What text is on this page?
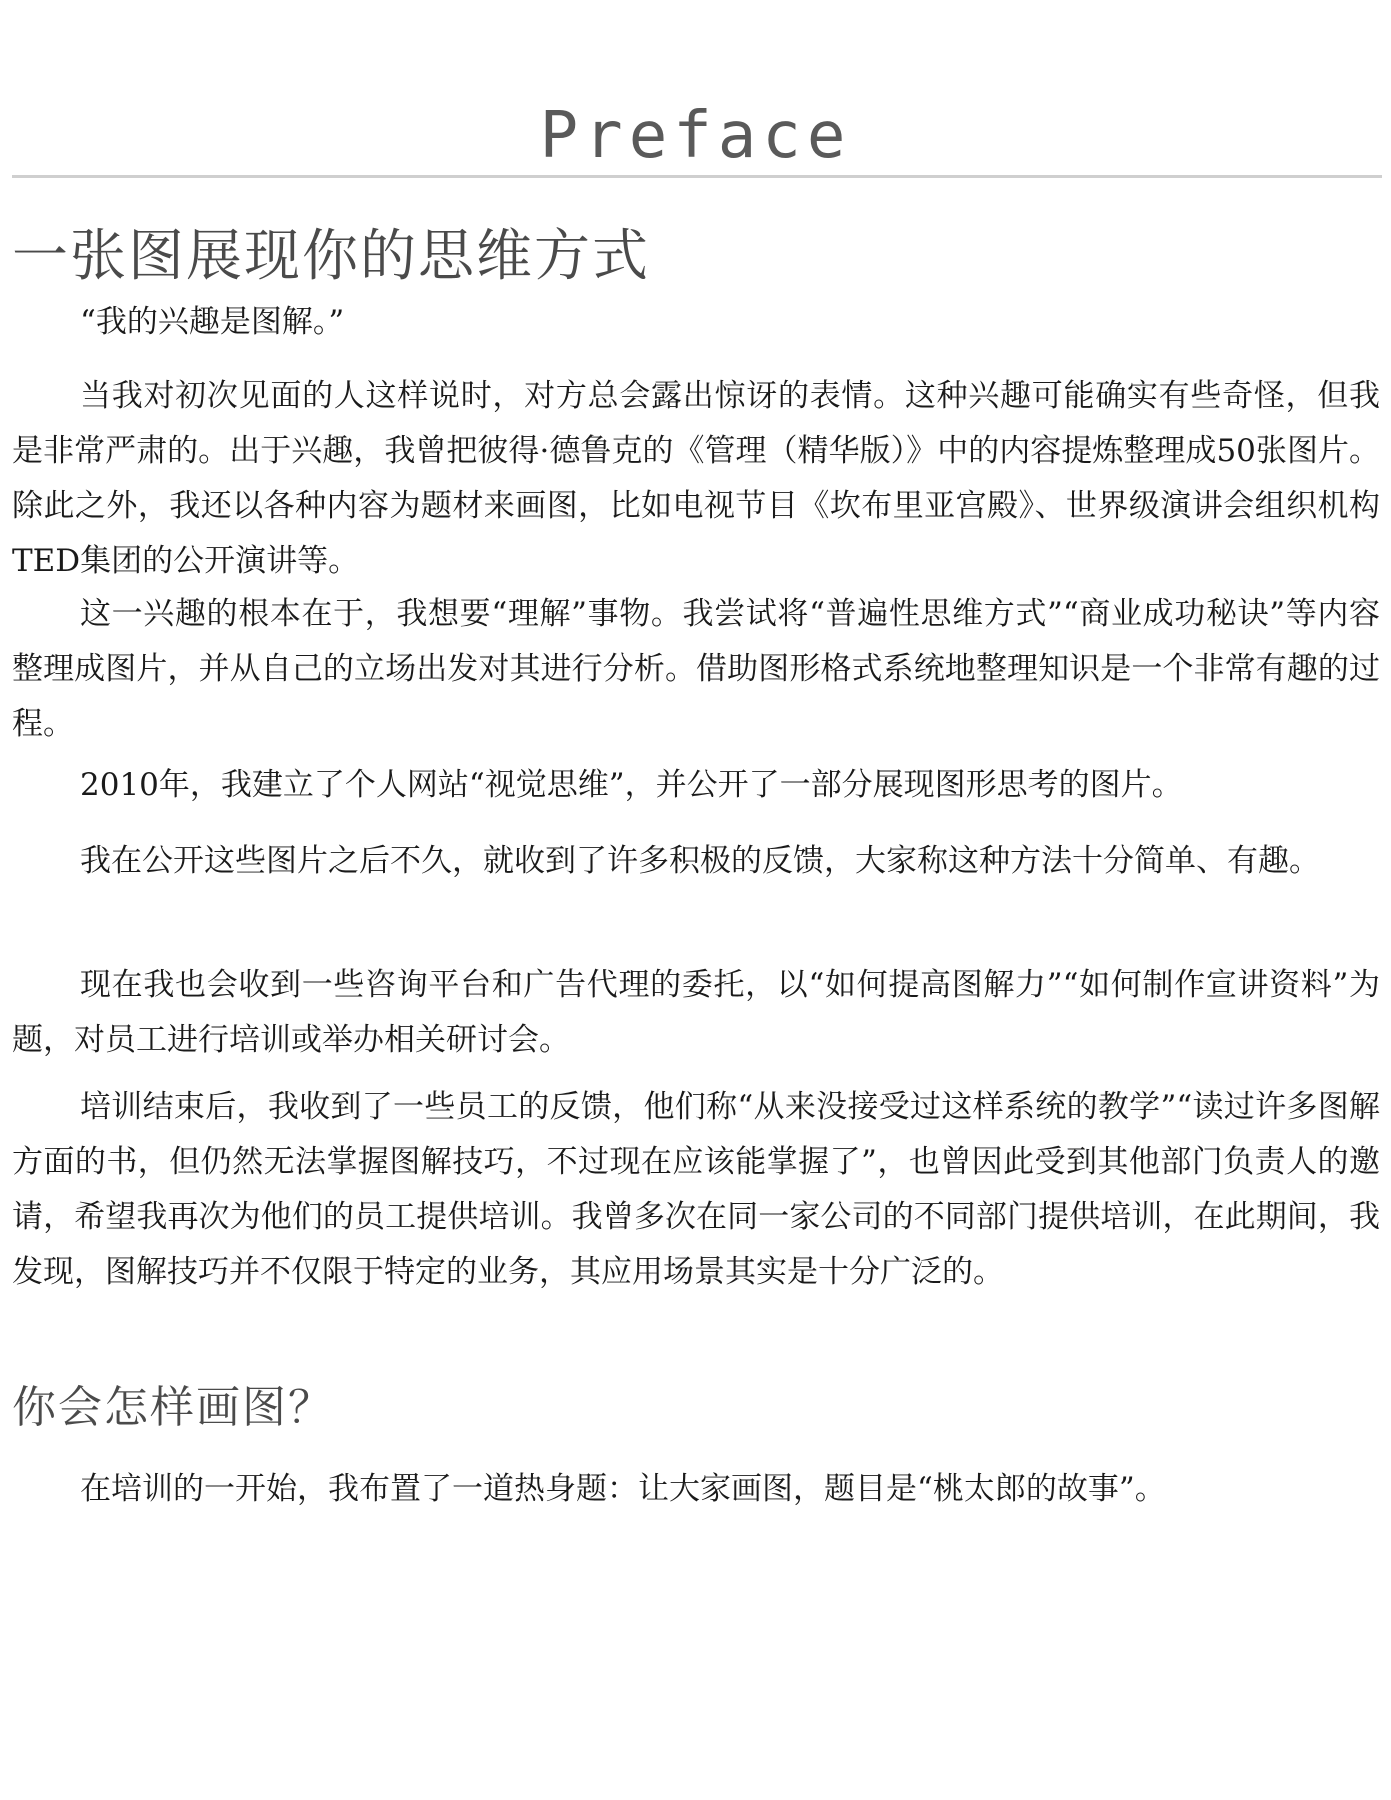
Preface
一张图展现你的思维方式

“我的兴趣是图解。”

当我对初次见面的人这样说时，对方总会露出惊讶的表情。这种兴趣可能确实有些奇怪，但我是非常严肃的。出于兴趣，我曾把彼得·德鲁克的《管理（精华版）》中的内容提炼整理成50张图片。除此之外，我还以各种内容为题材来画图，比如电视节目《坎布里亚宫殿》、世界级演讲会组织机构TED集团的公开演讲等。

这一兴趣的根本在于，我想要“理解”事物。我尝试将“普遍性思维方式”“商业成功秘诀”等内容整理成图片，并从自己的立场出发对其进行分析。借助图形格式系统地整理知识是一个非常有趣的过程。

2010年，我建立了个人网站“视觉思维”，并公开了一部分展现图形思考的图片。

我在公开这些图片之后不久，就收到了许多积极的反馈，大家称这种方法十分简单、有趣。

现在我也会收到一些咨询平台和广告代理的委托，以“如何提高图解力”“如何制作宣讲资料”为题，对员工进行培训或举办相关研讨会。

培训结束后，我收到了一些员工的反馈，他们称“从来没接受过这样系统的教学”“读过许多图解方面的书，但仍然无法掌握图解技巧，不过现在应该能掌握了”，也曾因此受到其他部门负责人的邀请，希望我再次为他们的员工提供培训。我曾多次在同一家公司的不同部门提供培训，在此期间，我发现，图解技巧并不仅限于特定的业务，其应用场景其实是十分广泛的。

你会怎样画图？

在培训的一开始，我布置了一道热身题：让大家画图，题目是“桃太郎的故事”。
